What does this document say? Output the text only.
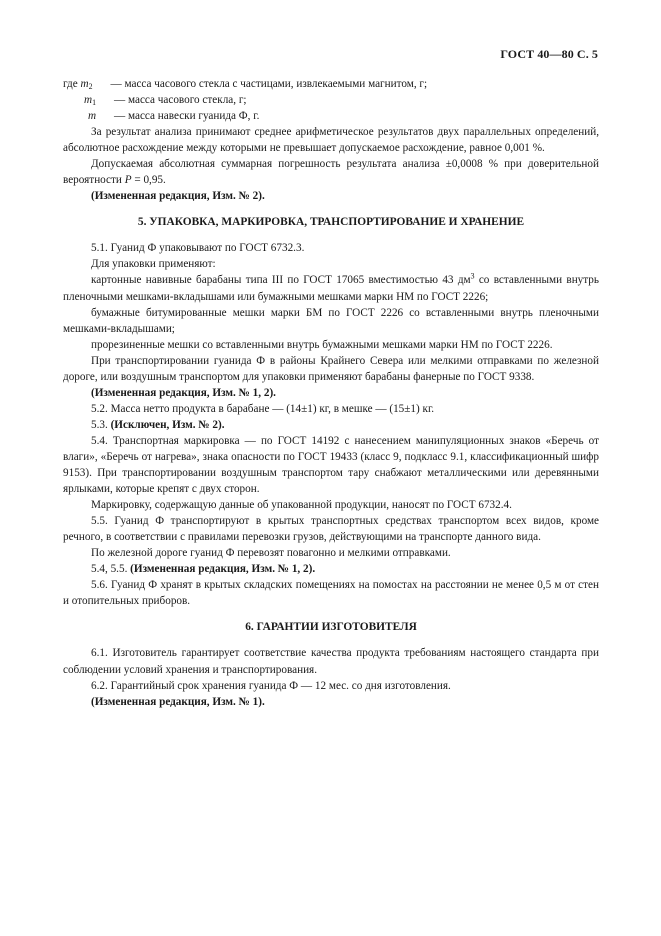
ГОСТ 40—80 С. 5
где $m_2$	— масса часового стекла с частицами, извлекаемыми магнитом, г;
$m_1$	— масса часового стекла, г;
m	— масса навески гуанида Ф, г.

За результат анализа принимают среднее арифметическое результатов двух параллельных определений, абсолютное расхождение между которыми не превышает допускаемое расхождение, равное 0,001 %.

Допускаемая абсолютная суммарная погрешность результата анализа ±0,0008 % при доверительной вероятности P = 0,95.

(Измененная редакция, Изм. № 2).

5. УПАКОВКА, МАРКИРОВКА, ТРАНСПОРТИРОВАНИЕ И ХРАНЕНИЕ

5.1. Гуанид Ф упаковывают по ГОСТ 6732.3.

Для упаковки применяют:

картонные навивные барабаны типа III по ГОСТ 17065 вместимостью 43 $дм^3$ со вставленными внутрь пленочными мешками-вкладышами или бумажными мешками марки НМ по ГОСТ 2226;

бумажные битумированные мешки марки БМ по ГОСТ 2226 со вставленными внутрь пленочными мешками-вкладышами;

прорезиненные мешки со вставленными внутрь бумажными мешками марки НМ по ГОСТ 2226.

При транспортировании гуанида Ф в районы Крайнего Севера или мелкими отправками по железной дороге, или воздушным транспортом для упаковки применяют барабаны фанерные по ГОСТ 9338.

(Измененная редакция, Изм. № 1, 2).

5.2. Масса нетто продукта в барабане — (14±1) кг, в мешке — (15±1) кг.

5.3. (Исключен, Изм. № 2).

5.4. Транспортная маркировка — по ГОСТ 14192 с нанесением манипуляционных знаков «Беречь от влаги», «Беречь от нагрева», знака опасности по ГОСТ 19433 (класс 9, подкласс 9.1, классификационный шифр 9153). При транспортировании воздушным транспортом тару снабжают металлическими или деревянными ярлыками, которые крепят с двух сторон.

Маркировку, содержащую данные об упакованной продукции, наносят по ГОСТ 6732.4.

5.5. Гуанид Ф транспортируют в крытых транспортных средствах транспортом всех видов, кроме речного, в соответствии с правилами перевозки грузов, действующими на транспорте данного вида.

По железной дороге гуанид Ф перевозят повагонно и мелкими отправками.

5.4, 5.5. (Измененная редакция, Изм. № 1, 2).

5.6. Гуанид Ф хранят в крытых складских помещениях на помостах на расстоянии не менее 0,5 м от стен и отопительных приборов.

6. ГАРАНТИИ ИЗГОТОВИТЕЛЯ

6.1. Изготовитель гарантирует соответствие качества продукта требованиям настоящего стандарта при соблюдении условий хранения и транспортирования.

6.2. Гарантийный срок хранения гуанида Ф — 12 мес. со дня изготовления.

(Измененная редакция, Изм. № 1).
